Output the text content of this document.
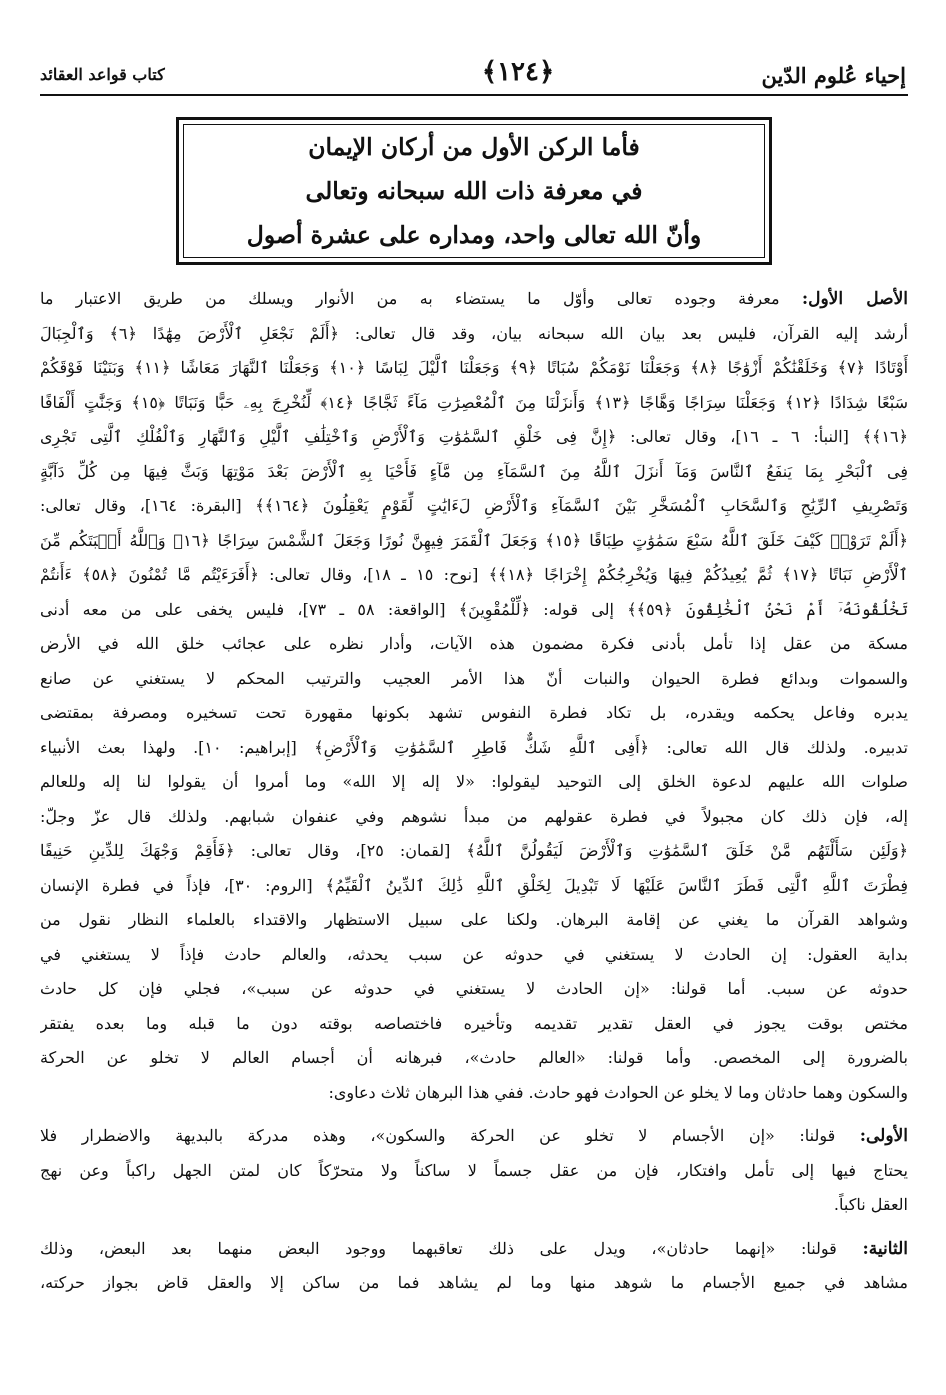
إحياء عُلوم الدّين
﴿١٢٤﴾
كتاب قواعد العقائد
فأما الركن الأول من أركان الإيمان
في معرفة ذات الله سبحانه وتعالى
وأنّ الله تعالى واحد، ومداره على عشرة أصول
الأصل الأول: معرفة وجوده تعالى وأوّل ما يستضاء به من الأنوار ويسلك من طريق الاعتبار ما
أرشد إليه القرآن، فليس بعد بيان الله سبحانه بيان، وقد قال تعالى: ﴿أَلَمْ نَجْعَلِ ٱلْأَرْضَ مِهَٰدًا ﴿٦﴾ وَٱلْجِبَالَ
أَوْتَادًا ﴿٧﴾ وَخَلَقْنَٰكُمْ أَزْوَٰجًا ﴿٨﴾ وَجَعَلْنَا نَوْمَكُمْ سُبَاتًا ﴿٩﴾ وَجَعَلْنَا ٱلَّيْلَ لِبَاسًا ﴿١٠﴾ وَجَعَلْنَا ٱلنَّهَارَ مَعَاشًا ﴿١١﴾ وَبَنَيْنَا فَوْقَكُمْ
سَبْعًا شِدَادًا ﴿١٢﴾ وَجَعَلْنَا سِرَاجًا وَهَّاجًا ﴿١٣﴾ وَأَنزَلْنَا مِنَ ٱلْمُعْصِرَٰتِ مَآءً ثَجَّاجًا ﴿١٤﴾ لِّنُخْرِجَ بِهِۦ حَبًّا وَنَبَاتًا ﴿١٥﴾ وَجَنَّٰتٍ أَلْفَافًا
﴿١٦﴾﴾ [النبأ: ٦ ـ ١٦]، وقال تعالى: ﴿إِنَّ فِى خَلْقِ ٱلسَّمَٰوَٰتِ وَٱلْأَرْضِ وَٱخْتِلَٰفِ ٱلَّيْلِ وَٱلنَّهَارِ وَٱلْفُلْكِ ٱلَّتِى تَجْرِى
فِى ٱلْبَحْرِ بِمَا يَنفَعُ ٱلنَّاسَ وَمَآ أَنزَلَ ٱللَّهُ مِنَ ٱلسَّمَآءِ مِن مَّآءٍ فَأَحْيَا بِهِ ٱلْأَرْضَ بَعْدَ مَوْتِهَا وَبَثَّ فِيهَا مِن كُلِّ دَآبَّةٍ
وَتَصْرِيفِ ٱلرِّيَٰحِ وَٱلسَّحَابِ ٱلْمُسَخَّرِ بَيْنَ ٱلسَّمَآءِ وَٱلْأَرْضِ لَءَايَٰتٍ لِّقَوْمٍ يَعْقِلُونَ ﴿١٦٤﴾﴾ [البقرة: ١٦٤]، وقال تعالى:
﴿أَلَمْ تَرَوْا۟ كَيْفَ خَلَقَ ٱللَّهُ سَبْعَ سَمَٰوَٰتٍ طِبَاقًا ﴿١٥﴾ وَجَعَلَ ٱلْقَمَرَ فِيهِنَّ نُورًا وَجَعَلَ ٱلشَّمْسَ سِرَاجًا ﴿١٦﴾ وَٱللَّهُ أَنۢبَتَكُم مِّنَ
ٱلْأَرْضِ نَبَاتًا ﴿١٧﴾ ثُمَّ يُعِيدُكُمْ فِيهَا وَيُخْرِجُكُمْ إِخْرَاجًا ﴿١٨﴾﴾ [نوح: ١٥ ـ ١٨]، وقال تعالى: ﴿أَفَرَءَيْتُم مَّا تُمْنُونَ ﴿٥٨﴾ ءَأَنتُمْ
تَخْلُقُونَهُۥٓ أَمْ نَحْنُ ٱلْخَٰلِقُونَ ﴿٥٩﴾﴾ إلى قوله: ﴿لِّلْمُقْوِينَ﴾ [الواقعة: ٥٨ ـ ٧٣]، فليس يخفى على من معه أدنى
مسكة من عقل إذا تأمل بأدنى فكرة مضمون هذه الآيات، وأدار نظره على عجائب خلق الله في الأرض
والسموات وبدائع فطرة الحيوان والنبات أنّ هذا الأمر العجيب والترتيب المحكم لا يستغني عن صانع
يدبره وفاعل يحكمه ويقدره، بل تكاد فطرة النفوس تشهد بكونها مقهورة تحت تسخيره ومصرفة بمقتضى
تدبيره. ولذلك قال الله تعالى: ﴿أَفِى ٱللَّهِ شَكٌّ فَاطِرِ ٱلسَّمَٰوَٰتِ وَٱلْأَرْضِ﴾ [إبراهيم: ١٠]. ولهذا بعث الأنبياء
صلوات الله عليهم لدعوة الخلق إلى التوحيد ليقولوا: «لا إله إلا الله» وما أمروا أن يقولوا لنا إله وللعالم
إله، فإن ذلك كان مجبولاً في فطرة عقولهم من مبدأ نشوهم وفي عنفوان شبابهم. ولذلك قال عزّ وجلّ:
﴿وَلَئِن سَأَلْتَهُم مَّنْ خَلَقَ ٱلسَّمَٰوَٰتِ وَٱلْأَرْضَ لَيَقُولُنَّ ٱللَّهُ﴾ [لقمان: ٢٥]، وقال تعالى: ﴿فَأَقِمْ وَجْهَكَ لِلدِّينِ حَنِيفًا
فِطْرَتَ ٱللَّهِ ٱلَّتِى فَطَرَ ٱلنَّاسَ عَلَيْهَا لَا تَبْدِيلَ لِخَلْقِ ٱللَّهِ ذَٰلِكَ ٱلدِّينُ ٱلْقَيِّمُ﴾ [الروم: ٣٠]، فإذاً في فطرة الإنسان
وشواهد القرآن ما يغني عن إقامة البرهان. ولكنا على سبيل الاستظهار والاقتداء بالعلماء النظار نقول من
بداية العقول: إن الحادث لا يستغني في حدوثه عن سبب يحدثه، والعالم حادث فإذاً لا يستغني في
حدوثه عن سبب. أما قولنا: «إن الحادث لا يستغني في حدوثه عن سبب»، فجلي فإن كل حادث
مختص بوقت يجوز في العقل تقدير تقديمه وتأخيره فاختصاصه بوقته دون ما قبله وما بعده يفتقر
بالضرورة إلى المخصص. وأما قولنا: «العالم حادث»، فبرهانه أن أجسام العالم لا تخلو عن الحركة
والسكون وهما حادثان وما لا يخلو عن الحوادث فهو حادث. ففي هذا البرهان ثلاث دعاوى:
الأولى: قولنا: «إن الأجسام لا تخلو عن الحركة والسكون»، وهذه مدركة بالبديهة والاضطرار فلا
يحتاج فيها إلى تأمل وافتكار، فإن من عقل جسماً لا ساكناً ولا متحرّكاً كان لمتن الجهل راكباً وعن نهج
العقل ناكباً.
الثانية: قولنا: «إنهما حادثان»، ويدل على ذلك تعاقبهما ووجود البعض منهما بعد البعض، وذلك
مشاهد في جميع الأجسام ما شوهد منها وما لم يشاهد فما من ساكن إلا والعقل قاض بجواز حركته،
